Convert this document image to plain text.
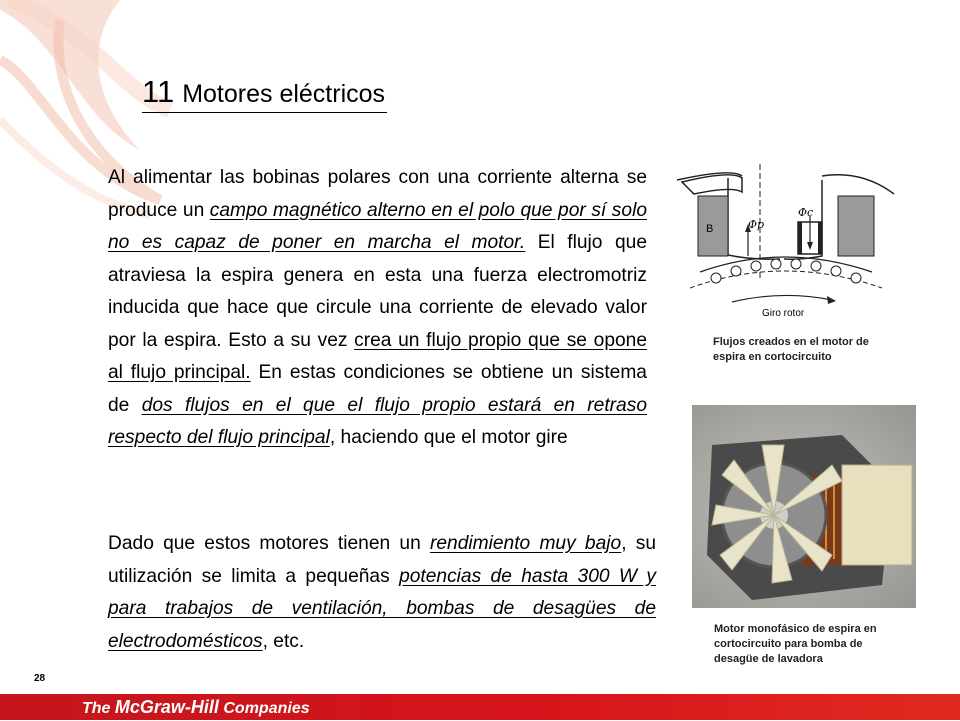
11 Motores eléctricos
Al alimentar las bobinas polares con una corriente alterna se produce un campo magnético alterno en el polo que por sí solo no es capaz de poner en marcha el motor. El flujo que atraviesa la espira genera en esta una fuerza electromotriz inducida que hace que circule una corriente de elevado valor por la espira. Esto a su vez crea un flujo propio que se opone al flujo principal. En estas condiciones se obtiene un sistema de dos flujos en el que el flujo propio estará en retraso respecto del flujo principal, haciendo que el motor gire
Dado que estos motores tienen un rendimiento muy bajo, su utilización se limita a pequeñas potencias de hasta 300 W y para trabajos de ventilación, bombas de desagües de electrodomésticos, etc.
B	Φp
Φc
Giro rotor
Flujos creados en el motor de espira en cortocircuito
Motor monofásico de espira en cortocircuito para bomba de desagüe de lavadora
28
The McGraw-Hill Companies
